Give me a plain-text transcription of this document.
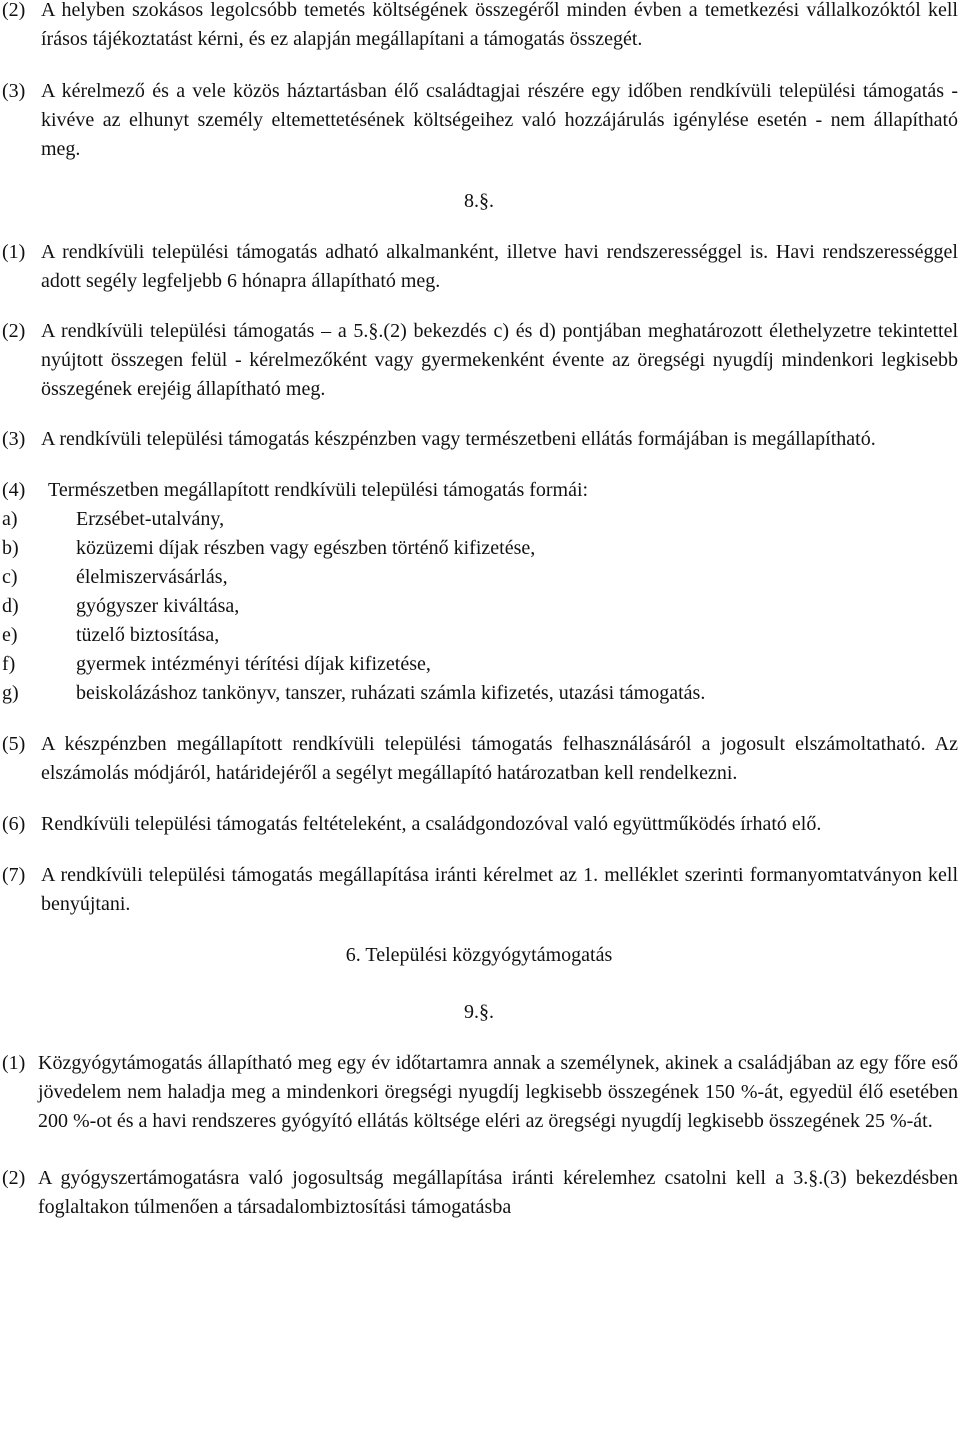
(2) A helyben szokásos legolcsóbb temetés költségének összegéről minden évben a temetkezési vállalkozóktól kell írásos tájékoztatást kérni, és ez alapján megállapítani a támogatás összegét.
(3) A kérelmező és a vele közös háztartásban élő családtagjai részére egy időben rendkívüli települési támogatás - kivéve az elhunyt személy eltemettetésének költségeihez való hozzájárulás igénylése esetén - nem állapítható meg.
8.§.
(1) A rendkívüli települési támogatás adható alkalmanként, illetve havi rendszerességgel is. Havi rendszerességgel adott segély legfeljebb 6 hónapra állapítható meg.
(2) A rendkívüli települési támogatás – a 5.§.(2) bekezdés c) és d) pontjában meghatározott élethelyzetre tekintettel nyújtott összegen felül - kérelmezőként vagy gyermekenként évente az öregségi nyugdíj mindenkori legkisebb összegének erejéig állapítható meg.
(3) A rendkívüli települési támogatás készpénzben vagy természetbeni ellátás formájában is megállapítható.
(4) Természetben megállapított rendkívüli települési támogatás formái:
a)	Erzsébet-utalvány,
b)	közüzemi díjak részben vagy egészben történő kifizetése,
c)	élelmiszervásárlás,
d)	gyógyszer kiváltása,
e)	tüzelő biztosítása,
f)	gyermek intézményi térítési díjak kifizetése,
g)	beiskolázáshoz tankönyv, tanszer, ruházati számla kifizetés, utazási támogatás.
(5) A készpénzben megállapított rendkívüli települési támogatás felhasználásáról a jogosult elszámoltatható. Az elszámolás módjáról, határidejéről a segélyt megállapító határozatban kell rendelkezni.
(6) Rendkívüli települési támogatás feltételeként, a családgondozóval való együttműködés írható elő.
(7) A rendkívüli települési támogatás megállapítása iránti kérelmet az 1. melléklet szerinti formanyomtatványon kell benyújtani.
6. Települési közgyógytámogatás
9.§.
(1) Közgyógytámogatás állapítható meg egy év időtartamra annak a személynek, akinek a családjában az egy főre eső jövedelem nem haladja meg a mindenkori öregségi nyugdíj legkisebb összegének 150 %-át, egyedül élő esetében 200 %-ot és a havi rendszeres gyógyító ellátás költsége eléri az öregségi nyugdíj legkisebb összegének 25 %-át.
(2) A gyógyszertámogatásra való jogosultság megállapítása iránti kérelemhez csatolni kell a 3.§.(3) bekezdésben foglaltakon túlmenően a társadalombiztosítási támogatásba
